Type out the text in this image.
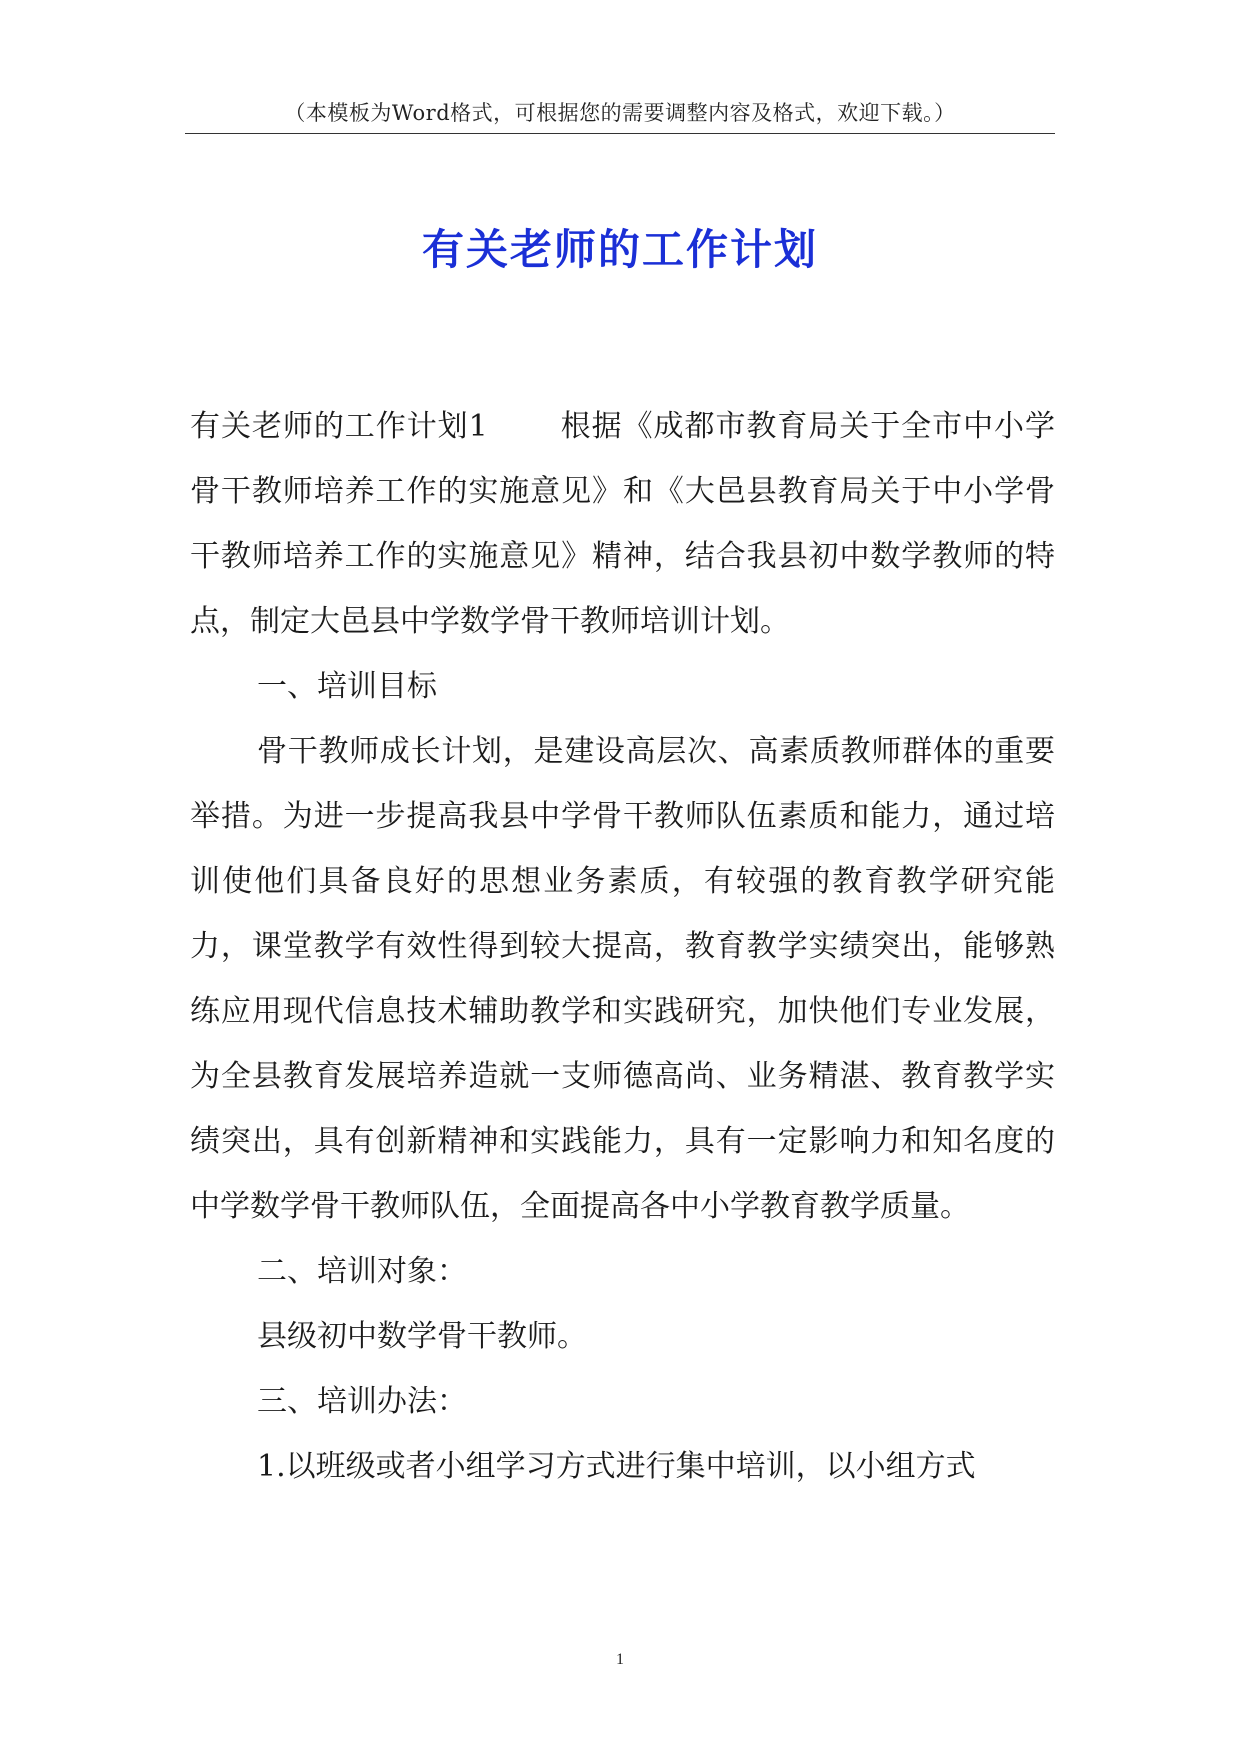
（本模板为Word格式，可根据您的需要调整内容及格式，欢迎下载。）
有关老师的工作计划

有关老师的工作计划1 根据《成都市教育局关于全市中小学骨干教师培养工作的实施意见》和《大邑县教育局关于中小学骨干教师培养工作的实施意见》精神，结合我县初中数学教师的特点，制定大邑县中学数学骨干教师培训计划。

一、培训目标

骨干教师成长计划，是建设高层次、高素质教师群体的重要举措。为进一步提高我县中学骨干教师队伍素质和能力，通过培训使他们具备良好的思想业务素质，有较强的教育教学研究能力，课堂教学有效性得到较大提高，教育教学实绩突出，能够熟练应用现代信息技术辅助教学和实践研究，加快他们专业发展，为全县教育发展培养造就一支师德高尚、业务精湛、教育教学实绩突出，具有创新精神和实践能力，具有一定影响力和知名度的中学数学骨干教师队伍，全面提高各中小学教育教学质量。

二、培训对象：

县级初中数学骨干教师。

三、培训办法：

1.以班级或者小组学习方式进行集中培训，以小组方式

1
